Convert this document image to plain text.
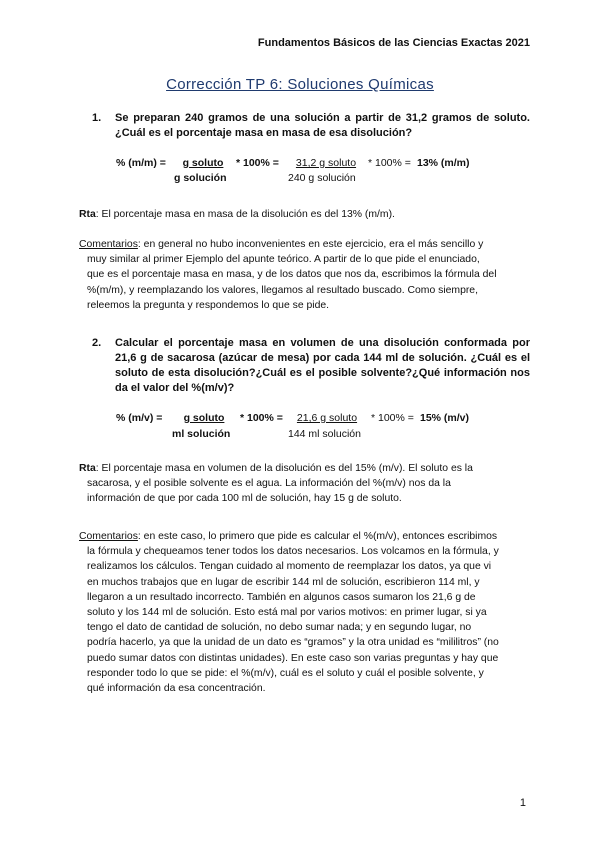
Fundamentos Básicos de las Ciencias Exactas 2021
Corrección TP 6: Soluciones Químicas
1. Se preparan 240 gramos de una solución a partir de 31,2 gramos de soluto. ¿Cuál es el porcentaje masa en masa de esa disolución?
% (m/m) =	g soluto
g solución
* 100% =	31,2 g soluto
240 g solución
* 100% = 13% (m/m)
Rta: El porcentaje masa en masa de la disolución es del 13% (m/m).
Comentarios: en general no hubo inconvenientes en este ejercicio, era el más sencillo y
muy similar al primer Ejemplo del apunte teórico. A partir de lo que pide el enunciado,
que es el porcentaje masa en masa, y de los datos que nos da, escribimos la fórmula del
%(m/m), y reemplazando los valores, llegamos al resultado buscado. Como siempre,
releemos la pregunta y respondemos lo que se pide.
2. Calcular el porcentaje masa en volumen de una disolución conformada por 21,6 g de sacarosa (azúcar de mesa) por cada 144 ml de solución. ¿Cuál es el soluto de esta disolución?¿Cuál es el posible solvente?¿Qué información nos da el valor del %(m/v)?
% (m/v) =	g soluto
ml solución
* 100% =	21,6 g soluto
144 ml solución
* 100% = 15% (m/v)
Rta: El porcentaje masa en volumen de la disolución es del 15% (m/v). El soluto es la
sacarosa, y el posible solvente es el agua. La información del %(m/v) nos da la
información de que por cada 100 ml de solución, hay 15 g de soluto.
Comentarios: en este caso, lo primero que pide es calcular el %(m/v), entonces escribimos
la fórmula y chequeamos tener todos los datos necesarios. Los volcamos en la fórmula, y
realizamos los cálculos. Tengan cuidado al momento de reemplazar los datos, ya que vi
en muchos trabajos que en lugar de escribir 144 ml de solución, escribieron 114 ml, y
llegaron a un resultado incorrecto. También en algunos casos sumaron los 21,6 g de
soluto y los 144 ml de solución. Esto está mal por varios motivos: en primer lugar, si ya
tengo el dato de cantidad de solución, no debo sumar nada; y en segundo lugar, no
podría hacerlo, ya que la unidad de un dato es “gramos” y la otra unidad es “mililitros” (no
puedo sumar datos con distintas unidades). En este caso son varias preguntas y hay que
responder todo lo que se pide: el %(m/v), cuál es el soluto y cuál el posible solvente, y
qué información da esa concentración.
1
